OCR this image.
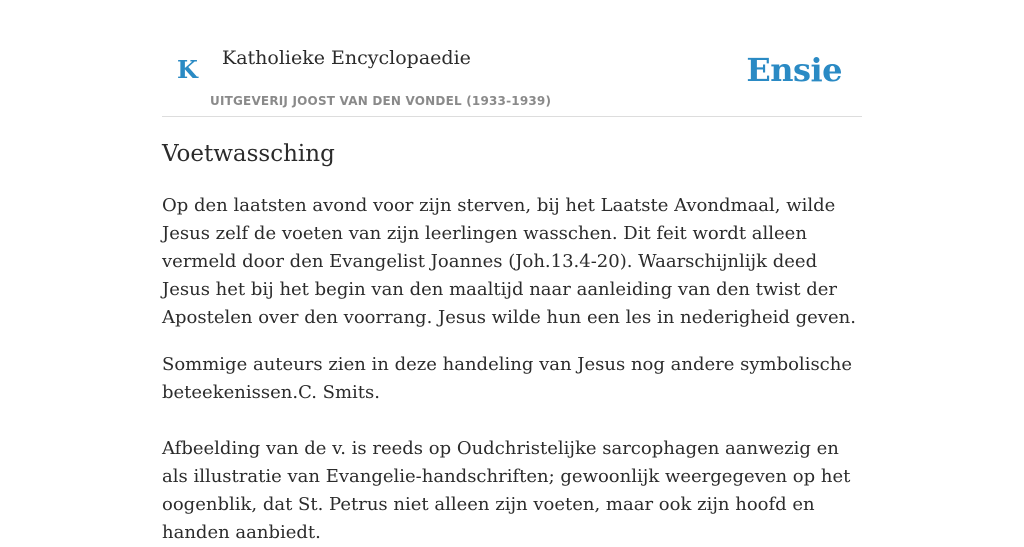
K Katholieke Encyclopaedie
UITGEVERIJ JOOST VAN DEN VONDEL (1933-1939)
Ensie
Voetwassching

Op den laatsten avond voor zijn sterven, bij het Laatste Avondmaal, wilde Jesus zelf de voeten van zijn leerlingen wasschen. Dit feit wordt alleen vermeld door den Evangelist Joannes (Joh.13.4-20). Waarschijnlijk deed Jesus het bij het begin van den maaltijd naar aanleiding van den twist der Apostelen over den voorrang. Jesus wilde hun een les in nederigheid geven.

Sommige auteurs zien in deze handeling van Jesus nog andere symbolische beteekenissen.C. Smits.

Afbeelding van de v. is reeds op Oudchristelijke sarcophagen aanwezig en als illustratie van Evangelie-handschriften; gewoonlijk weergegeven op het oogenblik, dat St. Petrus niet alleen zijn voeten, maar ook zijn hoofd en handen aanbiedt.
